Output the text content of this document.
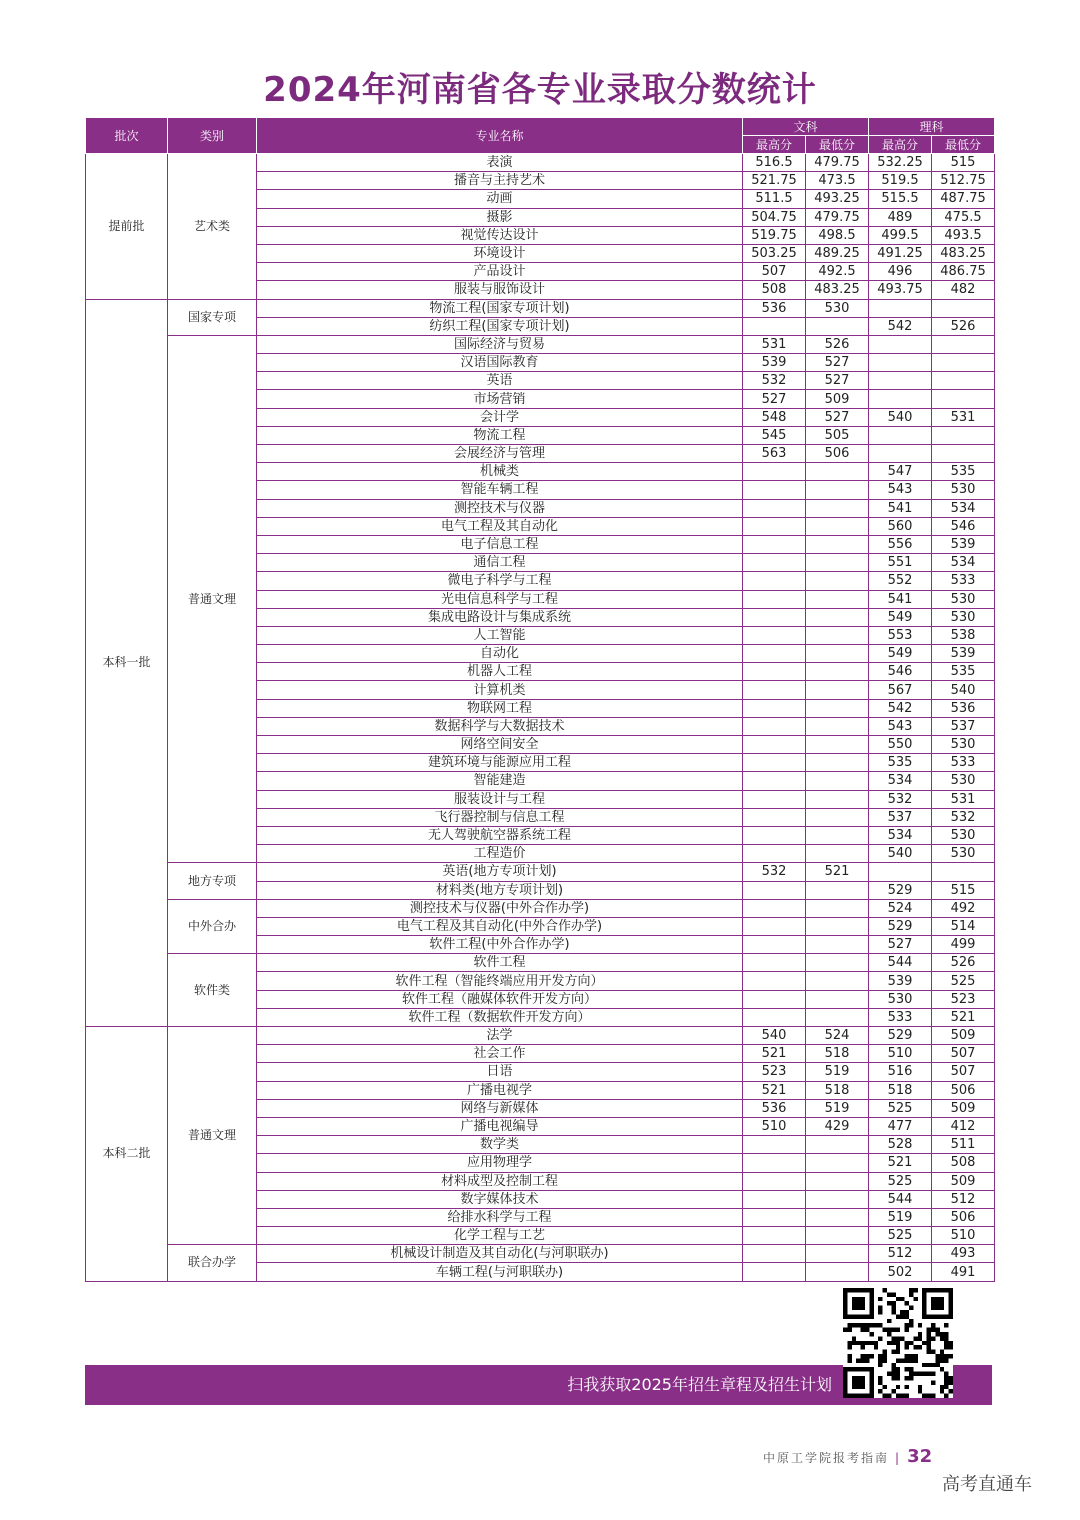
2024年河南省各专业录取分数统计
批次	类别	专业名称	文科		理科	
			最高分	最低分	最高分	最低分
提前批	艺术类	表演	516.5	479.75	532.25	515
		播音与主持艺术	521.75	473.5	519.5	512.75
		动画	511.5	493.25	515.5	487.75
		摄影	504.75	479.75	489	475.5
		视觉传达设计	519.75	498.5	499.5	493.5
		环境设计	503.25	489.25	491.25	483.25
		产品设计	507	492.5	496	486.75
		服装与服饰设计	508	483.25	493.75	482
本科一批	国家专项	物流工程(国家专项计划)	536	530		
		纺织工程(国家专项计划)			542	526
	普通文理	国际经济与贸易	531	526		
		汉语国际教育	539	527		
		英语	532	527		
		市场营销	527	509		
		会计学	548	527	540	531
		物流工程	545	505		
		会展经济与管理	563	506		
		机械类			547	535
		智能车辆工程			543	530
		测控技术与仪器			541	534
		电气工程及其自动化			560	546
		电子信息工程			556	539
		通信工程			551	534
		微电子科学与工程			552	533
		光电信息科学与工程			541	530
		集成电路设计与集成系统			549	530
		人工智能			553	538
		自动化			549	539
		机器人工程			546	535
		计算机类			567	540
		物联网工程			542	536
		数据科学与大数据技术			543	537
		网络空间安全			550	530
		建筑环境与能源应用工程			535	533
		智能建造			534	530
		服装设计与工程			532	531
		飞行器控制与信息工程			537	532
		无人驾驶航空器系统工程			534	530
		工程造价			540	530
	地方专项	英语(地方专项计划)	532	521		
		材料类(地方专项计划)			529	515
	中外合办	测控技术与仪器(中外合作办学)			524	492
		电气工程及其自动化(中外合作办学)			529	514
		软件工程(中外合作办学)			527	499
	软件类	软件工程			544	526
		软件工程（智能终端应用开发方向）			539	525
		软件工程（融媒体软件开发方向）			530	523
		软件工程（数据软件开发方向）			533	521
本科二批	普通文理	法学	540	524	529	509
		社会工作	521	518	510	507
		日语	523	519	516	507
		广播电视学	521	518	518	506
		网络与新媒体	536	519	525	509
		广播电视编导	510	429	477	412
		数学类			528	511
		应用物理学			521	508
		材料成型及控制工程			525	509
		数字媒体技术			544	512
		给排水科学与工程			519	506
		化学工程与工艺			525	510
	联合办学	机械设计制造及其自动化(与河职联办)			512	493
		车辆工程(与河职联办)			502	491
扫我获取2025年招生章程及招生计划
中原工学院报考指南 | 32
高考直通车
